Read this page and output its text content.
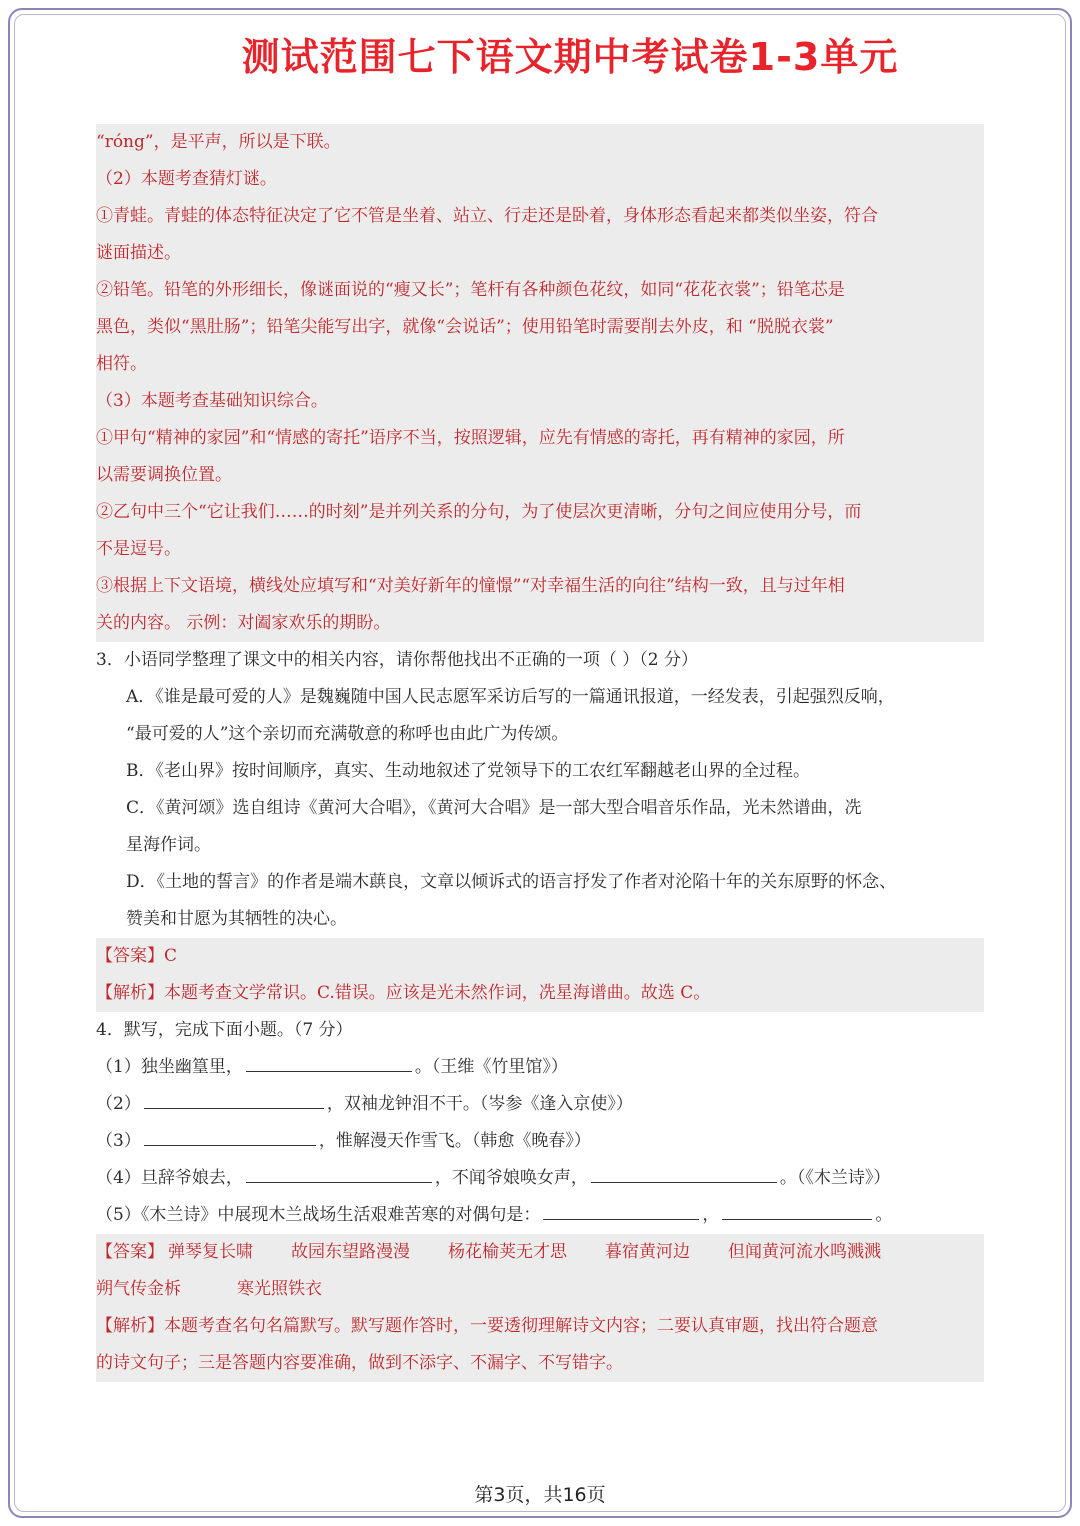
测试范围七下语文期中考试卷1-3单元
“róng”，是平声，所以是下联。
（2）本题考查猜灯谜。
①青蛙。青蛙的体态特征决定了它不管是坐着、站立、行走还是卧着，身体形态看起来都类似坐姿，符合
谜面描述。
②铅笔。铅笔的外形细长，像谜面说的“瘦又长”；笔杆有各种颜色花纹，如同“花花衣裳”；铅笔芯是
黑色，类似“黑肚肠”；铅笔尖能写出字，就像“会说话”；使用铅笔时需要削去外皮，和 “脱脱衣裳”
相符。
（3）本题考查基础知识综合。
①甲句“精神的家园”和“情感的寄托”语序不当，按照逻辑，应先有情感的寄托，再有精神的家园，所
以需要调换位置。
②乙句中三个“它让我们……的时刻”是并列关系的分句，为了使层次更清晰，分句之间应使用分号，而
不是逗号。
③根据上下文语境，横线处应填写和“对美好新年的憧憬”“对幸福生活的向往”结构一致，且与过年相
关的内容。 示例：对阖家欢乐的期盼。
3．小语同学整理了课文中的相关内容，请你帮他找出不正确的一项（ ）（2 分）
A．《谁是最可爱的人》是魏巍随中国人民志愿军采访后写的一篇通讯报道，一经发表，引起强烈反响，
“最可爱的人”这个亲切而充满敬意的称呼也由此广为传颂。
B．《老山界》按时间顺序，真实、生动地叙述了党领导下的工农红军翻越老山界的全过程。
C．《黄河颂》选自组诗《黄河大合唱》，《黄河大合唱》是一部大型合唱音乐作品，光未然谱曲，冼
星海作词。
D．《土地的誓言》的作者是端木蕻良，文章以倾诉式的语言抒发了作者对沦陷十年的关东原野的怀念、
赞美和甘愿为其牺牲的决心。
【答案】C
【解析】本题考查文学常识。C.错误。应该是光未然作词，冼星海谱曲。故选 C。
4．默写，完成下面小题。（7 分）
（1）独坐幽篁里，	。（王维《竹里馆》）
（2）	，双袖龙钟泪不干。（岑参《逢入京使》）
（3）	，惟解漫天作雪飞。（韩愈《晚春》）
（4）旦辞爷娘去，	，不闻爷娘唤女声，	。（《木兰诗》）
（5）《木兰诗》中展现木兰战场生活艰难苦寒的对偶句是：	，	。
【答案】 弹琴复长啸 故园东望路漫漫 杨花榆荚无才思 暮宿黄河边 但闻黄河流水鸣溅溅
朔气传金柝	寒光照铁衣
【解析】本题考查名句名篇默写。默写题作答时，一要透彻理解诗文内容；二要认真审题，找出符合题意
的诗文句子；三是答题内容要准确，做到不添字、不漏字、不写错字。
第3页，共16页
